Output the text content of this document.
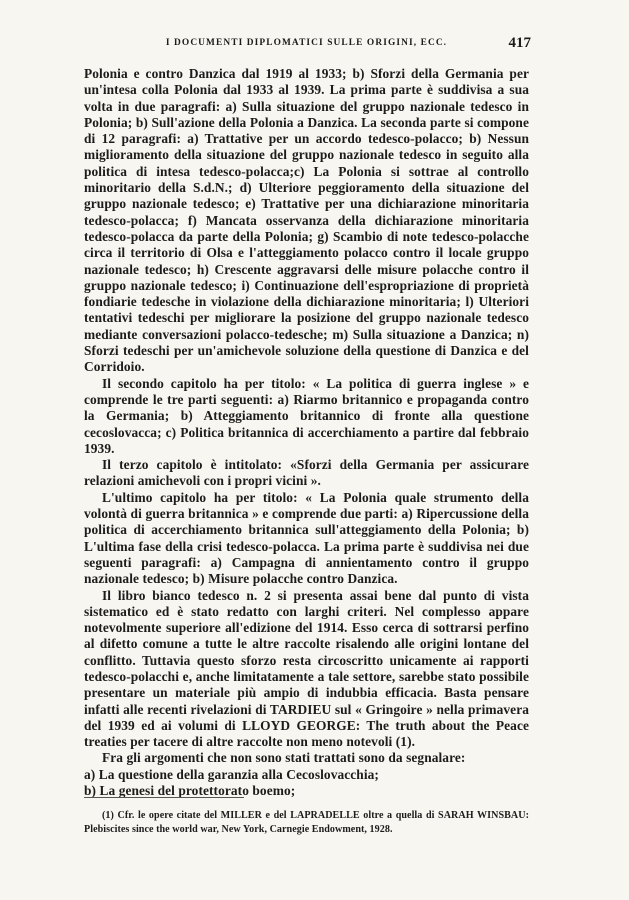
I DOCUMENTI DIPLOMATICI SULLE ORIGINI, ECC.	417

Polonia e contro Danzica dal 1919 al 1933; b) Sforzi della Germania per un'intesa colla Polonia dal 1933 al 1939. La prima parte è suddivisa a sua volta in due paragrafi: a) Sulla situazione del gruppo nazionale tedesco in Polonia; b) Sull'azione della Polonia a Danzica. La seconda parte si compone di 12 paragrafi: a) Trattative per un accordo tedesco-polacco; b) Nessun miglioramento della situazione del gruppo nazionale tedesco in seguito alla politica di intesa tedesco-polacca;c) La Polonia si sottrae al controllo minoritario della S.d.N.; d) Ulteriore peggioramento della situazione del gruppo nazionale tedesco; e) Trattative per una dichiarazione minoritaria tedesco-polacca; f) Mancata osservanza della dichiarazione minoritaria tedesco-polacca da parte della Polonia; g) Scambio di note tedesco-polacche circa il territorio di Olsa e l'atteggiamento polacco contro il locale gruppo nazionale tedesco; h) Crescente aggravarsi delle misure polacche contro il gruppo nazionale tedesco; i) Continuazione dell'espropriazione di proprietà fondiarie tedesche in violazione della dichiarazione minoritaria; l) Ulteriori tentativi tedeschi per migliorare la posizione del gruppo nazionale tedesco mediante conversazioni polacco-tedesche; m) Sulla situazione a Danzica; n) Sforzi tedeschi per un'amichevole soluzione della questione di Danzica e del Corridoio.

Il secondo capitolo ha per titolo: « La politica di guerra inglese » e comprende le tre parti seguenti: a) Riarmo britannico e propaganda contro la Germania; b) Atteggiamento britannico di fronte alla questione cecoslovacca; c) Politica britannica di accerchiamento a partire dal febbraio 1939.

Il terzo capitolo è intitolato: «Sforzi della Germania per assicurare relazioni amichevoli con i propri vicini ».

L'ultimo capitolo ha per titolo: « La Polonia quale strumento della volontà di guerra britannica » e comprende due parti: a) Ripercussione della politica di accerchiamento britannica sull'atteggiamento della Polonia; b) L'ultima fase della crisi tedesco-polacca. La prima parte è suddivisa nei due seguenti paragrafi: a) Campagna di annientamento contro il gruppo nazionale tedesco; b) Misure polacche contro Danzica.

Il libro bianco tedesco n. 2 si presenta assai bene dal punto di vista sistematico ed è stato redatto con larghi criteri. Nel complesso appare notevolmente superiore all'edizione del 1914. Esso cerca di sottrarsi perfino al difetto comune a tutte le altre raccolte risalendo alle origini lontane del conflitto. Tuttavia questo sforzo resta circoscritto unicamente ai rapporti tedesco-polacchi e, anche limitatamente a tale settore, sarebbe stato possibile presentare un materiale più ampio di indubbia efficacia. Basta pensare infatti alle recenti rivelazioni di TARDIEU sul « Gringoire » nella primavera del 1939 ed ai volumi di LLOYD GEORGE: The truth about the Peace treaties per tacere di altre raccolte non meno notevoli (1).

Fra gli argomenti che non sono stati trattati sono da segnalare:

a) La questione della garanzia alla Cecoslovacchia;

b) La genesi del protettorato boemo;

(1) Cfr. le opere citate del MILLER e del LAPRADELLE oltre a quella di SARAH WINSBAU: Plebiscites since the world war, New York, Carnegie Endowment, 1928.
